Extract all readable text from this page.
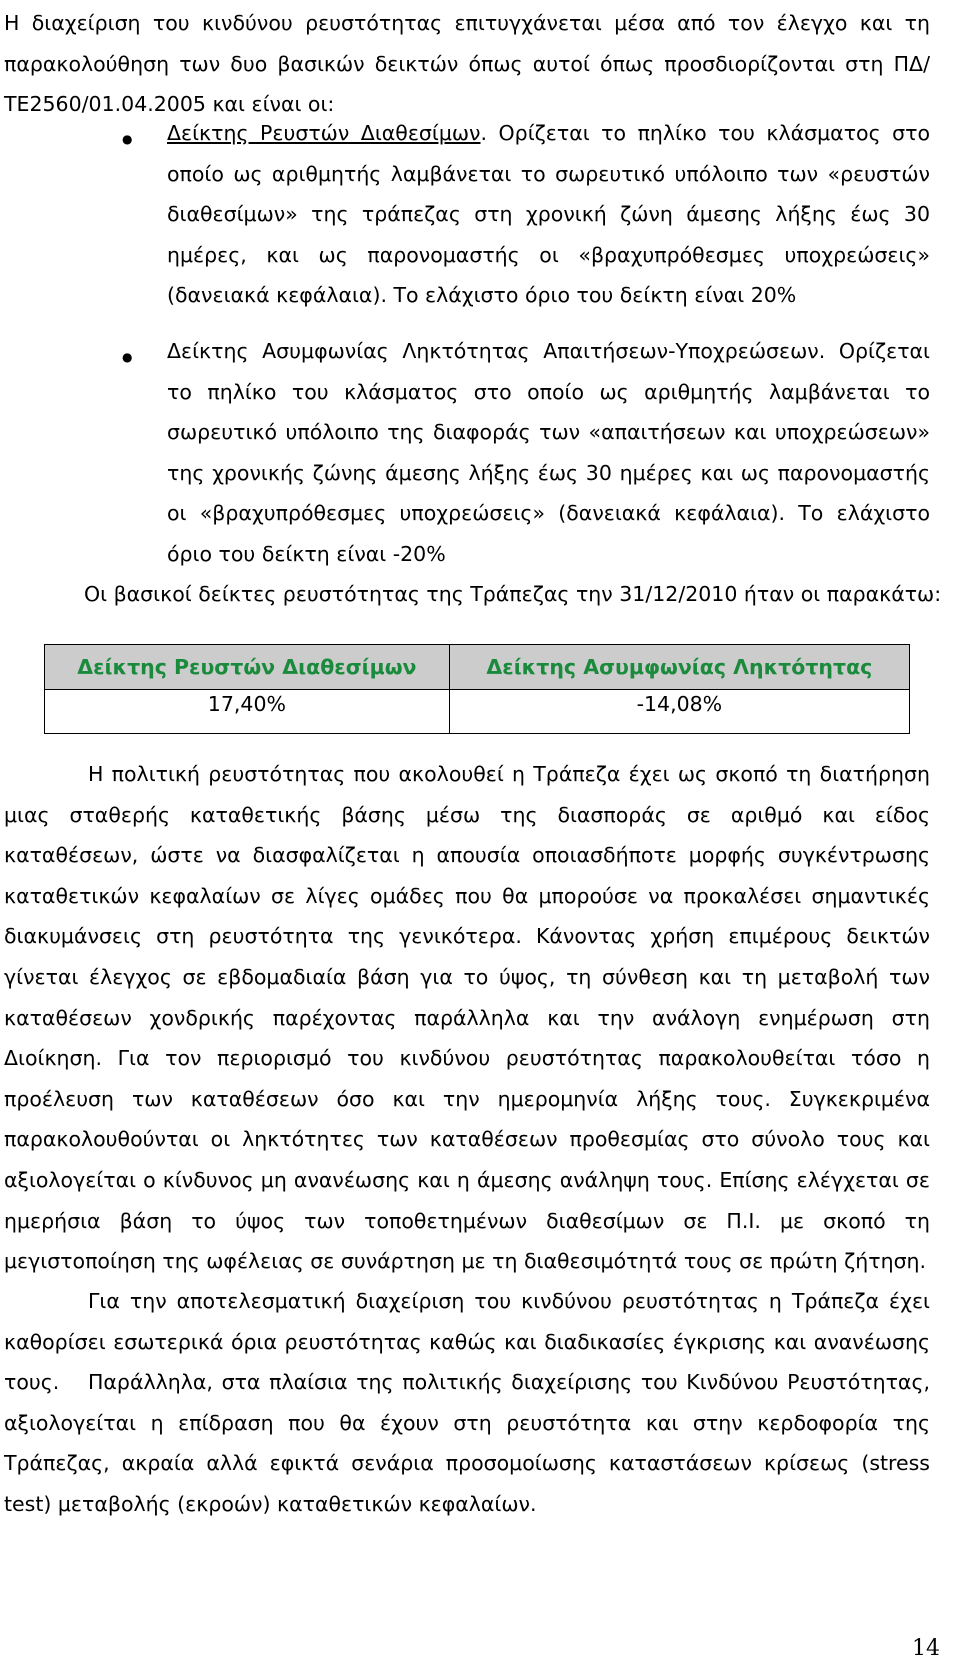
Η διαχείριση του κινδύνου ρευστότητας επιτυγχάνεται μέσα από τον έλεγχο και τη παρακολούθηση των δυο βασικών δεικτών όπως αυτοί όπως προσδιορίζονται στη ΠΔ/ΤΕ2560/01.04.2005 και είναι οι:

● Δείκτης Ρευστών Διαθεσίμων. Ορίζεται το πηλίκο του κλάσματος στο οποίο ως αριθμητής λαμβάνεται το σωρευτικό υπόλοιπο των «ρευστών διαθεσίμων» της τράπεζας στη χρονική ζώνη άμεσης λήξης έως 30 ημέρες, και ως παρονομαστής οι «βραχυπρόθεσμες υποχρεώσεις» (δανειακά κεφάλαια). Το ελάχιστο όριο του δείκτη είναι 20%

● Δείκτης Ασυμφωνίας Ληκτότητας Απαιτήσεων-Υποχρεώσεων. Ορίζεται το πηλίκο του κλάσματος στο οποίο ως αριθμητής λαμβάνεται το σωρευτικό υπόλοιπο της διαφοράς των «απαιτήσεων και υποχρεώσεων» της χρονικής ζώνης άμεσης λήξης έως 30 ημέρες και ως παρονομαστής οι «βραχυπρόθεσμες υποχρεώσεις» (δανειακά κεφάλαια). Το ελάχιστο όριο του δείκτη είναι -20%

Οι βασικοί δείκτες ρευστότητας της Τράπεζας την 31/12/2010 ήταν οι παρακάτω:

Δείκτης Ρευστών Διαθεσίμων	Δείκτης Ασυμφωνίας Ληκτότητας
17,40%	-14,08%

Η πολιτική ρευστότητας που ακολουθεί η Τράπεζα έχει ως σκοπό τη διατήρηση μιας σταθερής καταθετικής βάσης μέσω της διασποράς σε αριθμό και είδος καταθέσεων, ώστε να διασφαλίζεται η απουσία οποιασδήποτε μορφής συγκέντρωσης καταθετικών κεφαλαίων σε λίγες ομάδες που θα μπορούσε να προκαλέσει σημαντικές διακυμάνσεις στη ρευστότητα της γενικότερα. Κάνοντας χρήση επιμέρους δεικτών γίνεται έλεγχος σε εβδομαδιαία βάση για το ύψος, τη σύνθεση και τη μεταβολή των καταθέσεων χονδρικής παρέχοντας παράλληλα και την ανάλογη ενημέρωση στη Διοίκηση. Για τον περιορισμό του κινδύνου ρευστότητας παρακολουθείται τόσο η προέλευση των καταθέσεων όσο και την ημερομηνία λήξης τους. Συγκεκριμένα παρακολουθούνται οι ληκτότητες των καταθέσεων προθεσμίας στο σύνολο τους και αξιολογείται ο κίνδυνος μη ανανέωσης και η άμεσης ανάληψη τους. Επίσης ελέγχεται σε ημερήσια βάση το ύψος των τοποθετημένων διαθεσίμων σε Π.Ι. με σκοπό τη μεγιστοποίηση της ωφέλειας σε συνάρτηση με τη διαθεσιμότητά τους σε πρώτη ζήτηση.

Για την αποτελεσματική διαχείριση του κινδύνου ρευστότητας η Τράπεζα έχει καθορίσει εσωτερικά όρια ρευστότητας καθώς και διαδικασίες έγκρισης και ανανέωσης τους.	Παράλληλα, στα πλαίσια της πολιτικής διαχείρισης του Κινδύνου Ρευστότητας, αξιολογείται η επίδραση που θα έχουν στη ρευστότητα και στην κερδοφορία της Τράπεζας, ακραία αλλά εφικτά σενάρια προσομοίωσης καταστάσεων κρίσεως (stress test) μεταβολής (εκροών) καταθετικών κεφαλαίων.

14
